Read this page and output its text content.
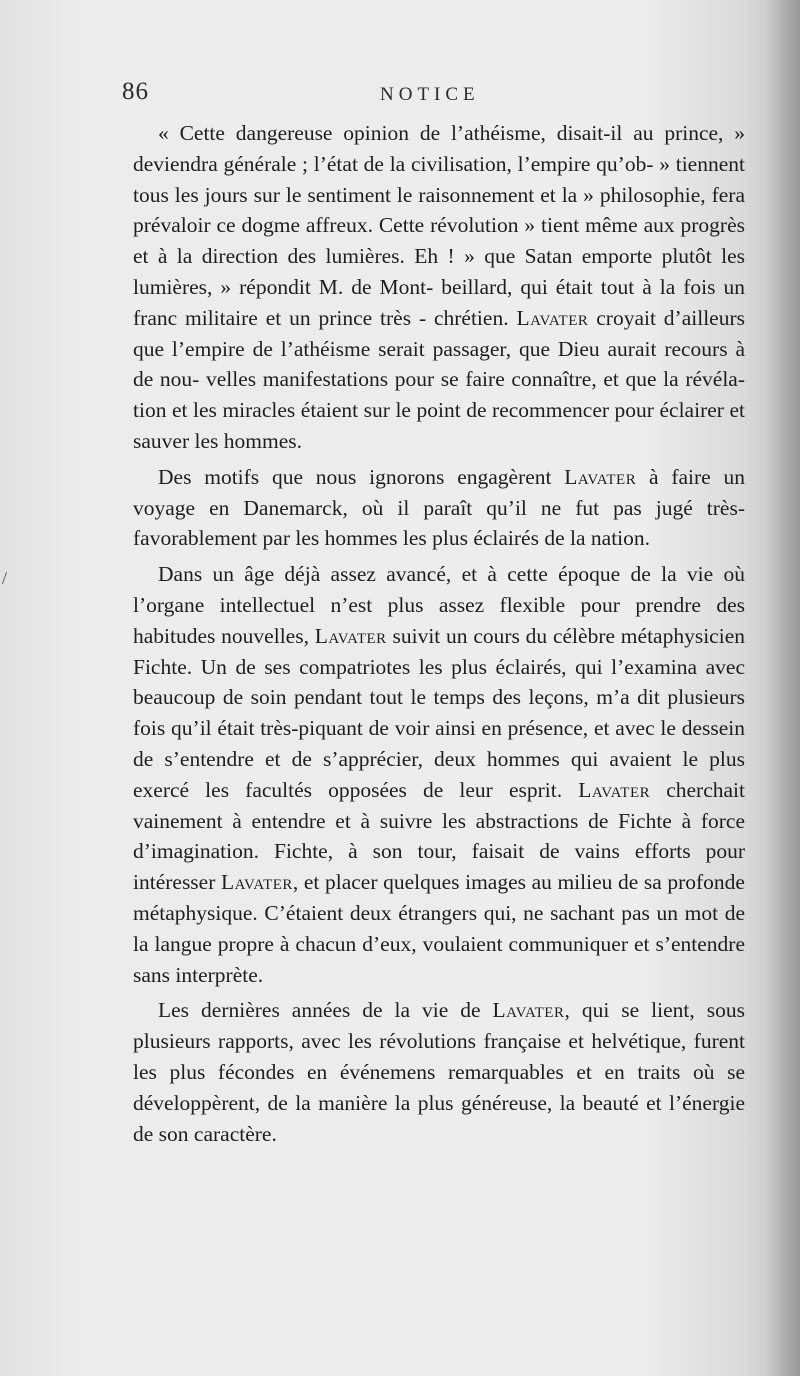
86	NOTICE
/

« Cette dangereuse opinion de l’athéisme, disait-il au prince, » deviendra générale ; l’état de la civilisation, l’empire qu’ob- » tiennent tous les jours sur le sentiment le raisonnement et la » philosophie, fera prévaloir ce dogme affreux. Cette révolution » tient même aux progrès et à la direction des lumières. Eh ! » que Satan emporte plutôt les lumières, » répondit M. de Mont- beillard, qui était tout à la fois un franc militaire et un prince très - chrétien. Lavater croyait d’ailleurs que l’empire de l’athéisme serait passager, que Dieu aurait recours à de nou- velles manifestations pour se faire connaître, et que la révéla- tion et les miracles étaient sur le point de recommencer pour éclairer et sauver les hommes.

Des motifs que nous ignorons engagèrent Lavater à faire un voyage en Danemarck, où il paraît qu’il ne fut pas jugé très- favorablement par les hommes les plus éclairés de la nation.

Dans un âge déjà assez avancé, et à cette époque de la vie où l’organe intellectuel n’est plus assez flexible pour prendre des habitudes nouvelles, Lavater suivit un cours du célèbre métaphysicien Fichte. Un de ses compatriotes les plus éclairés, qui l’examina avec beaucoup de soin pendant tout le temps des leçons, m’a dit plusieurs fois qu’il était très-piquant de voir ainsi en présence, et avec le dessein de s’entendre et de s’apprécier, deux hommes qui avaient le plus exercé les facultés opposées de leur esprit. Lavater cherchait vainement à entendre et à suivre les abstractions de Fichte à force d’imagination. Fichte, à son tour, faisait de vains efforts pour intéresser Lavater, et placer quelques images au milieu de sa profonde métaphysique. C’étaient deux étrangers qui, ne sachant pas un mot de la langue propre à chacun d’eux, voulaient communiquer et s’entendre sans interprète.

Les dernières années de la vie de Lavater, qui se lient, sous plusieurs rapports, avec les révolutions française et helvétique, furent les plus fécondes en événemens remarquables et en traits où se développèrent, de la manière la plus généreuse, la beauté et l’énergie de son caractère.
